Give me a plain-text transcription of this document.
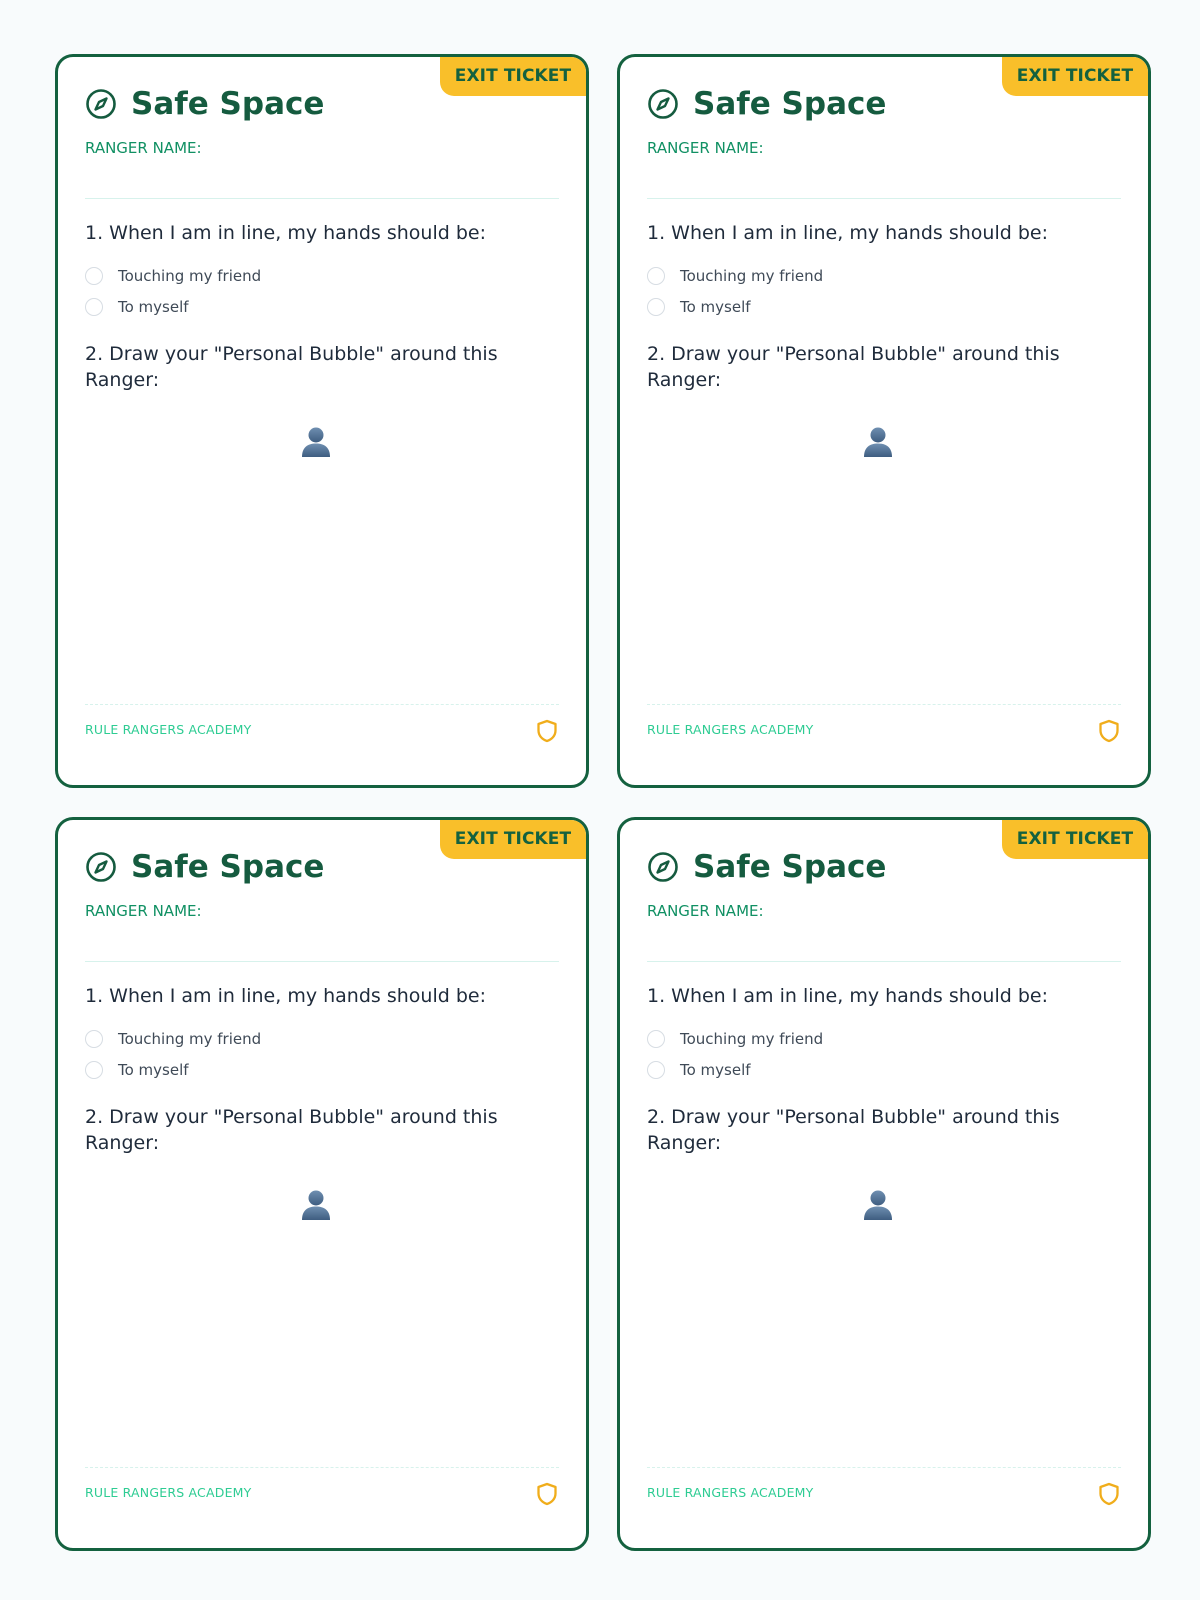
EXIT TICKET
Safe Space
RANGER NAME:
1. When I am in line, my hands should be:
Touching my friend
To myself
2. Draw your "Personal Bubble" around this Ranger:
RULE RANGERS ACADEMY
EXIT TICKET
Safe Space
RANGER NAME:
1. When I am in line, my hands should be:
Touching my friend
To myself
2. Draw your "Personal Bubble" around this Ranger:
RULE RANGERS ACADEMY
EXIT TICKET
Safe Space
RANGER NAME:
1. When I am in line, my hands should be:
Touching my friend
To myself
2. Draw your "Personal Bubble" around this Ranger:
RULE RANGERS ACADEMY
EXIT TICKET
Safe Space
RANGER NAME:
1. When I am in line, my hands should be:
Touching my friend
To myself
2. Draw your "Personal Bubble" around this Ranger:
RULE RANGERS ACADEMY
